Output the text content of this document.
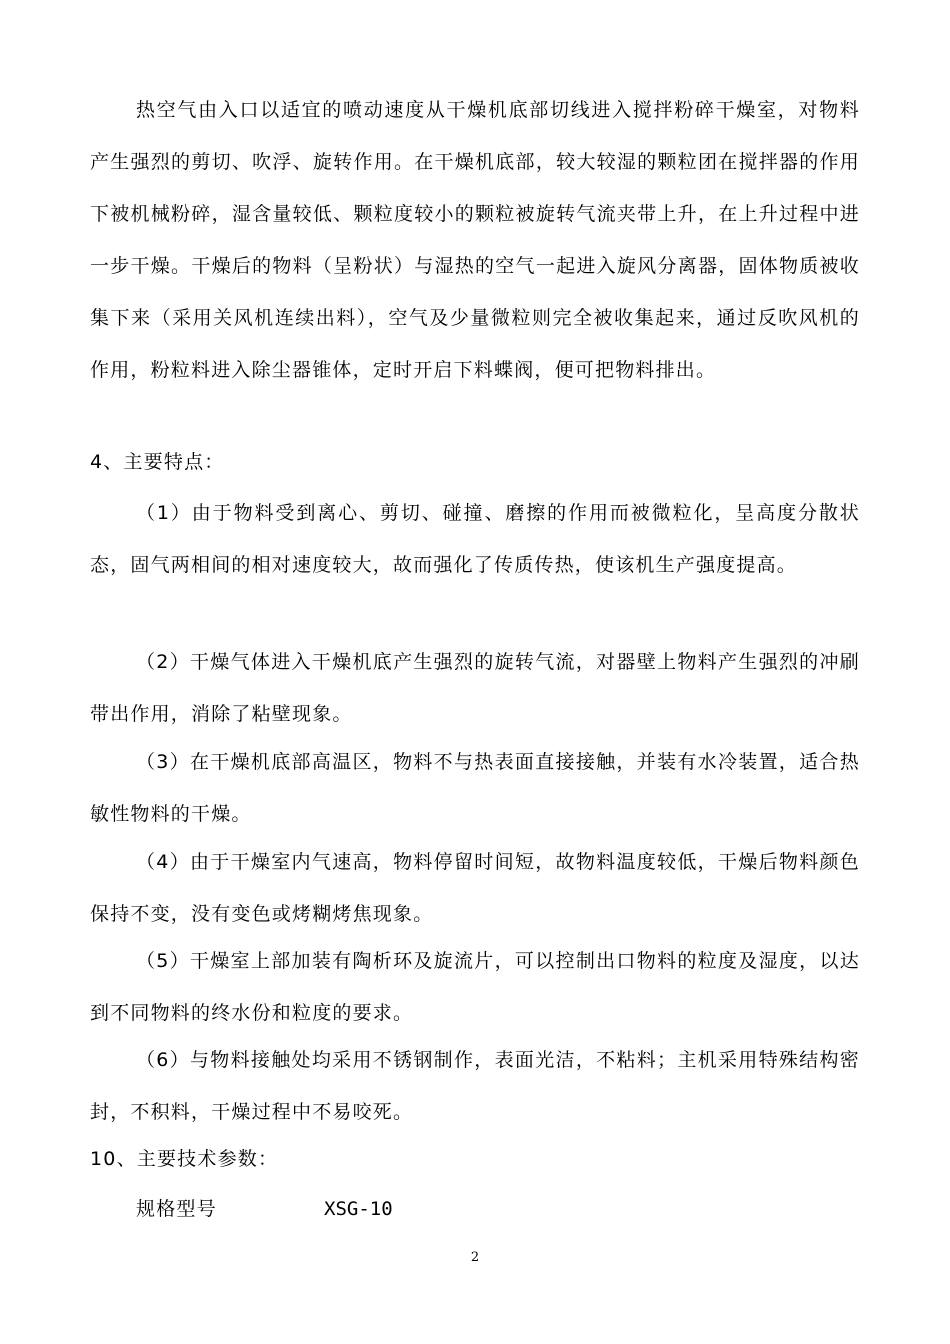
热空气由入口以适宜的喷动速度从干燥机底部切线进入搅拌粉碎干燥室，对物料产生强烈的剪切、吹浮、旋转作用。在干燥机底部，较大较湿的颗粒团在搅拌器的作用下被机械粉碎，湿含量较低、颗粒度较小的颗粒被旋转气流夹带上升，在上升过程中进一步干燥。干燥后的物料（呈粉状）与湿热的空气一起进入旋风分离器，固体物质被收集下来（采用关风机连续出料），空气及少量微粒则完全被收集起来，通过反吹风机的作用，粉粒料进入除尘器锥体，定时开启下料蝶阀，便可把物料排出。

4、主要特点：

（1）由于物料受到离心、剪切、碰撞、磨擦的作用而被微粒化，呈高度分散状态，固气两相间的相对速度较大，故而强化了传质传热，使该机生产强度提高。

（2）干燥气体进入干燥机底产生强烈的旋转气流，对器壁上物料产生强烈的冲刷带出作用，消除了粘壁现象。

（3）在干燥机底部高温区，物料不与热表面直接接触，并装有水冷装置，适合热敏性物料的干燥。

（4）由于干燥室内气速高，物料停留时间短，故物料温度较低，干燥后物料颜色保持不变，没有变色或烤糊烤焦现象。

（5）干燥室上部加装有陶析环及旋流片，可以控制出口物料的粒度及湿度，以达到不同物料的终水份和粒度的要求。

（6）与物料接触处均采用不锈钢制作，表面光洁，不粘料；主机采用特殊结构密封，不积料，干燥过程中不易咬死。

10、主要技术参数：

规格型号	XSG-10
2
